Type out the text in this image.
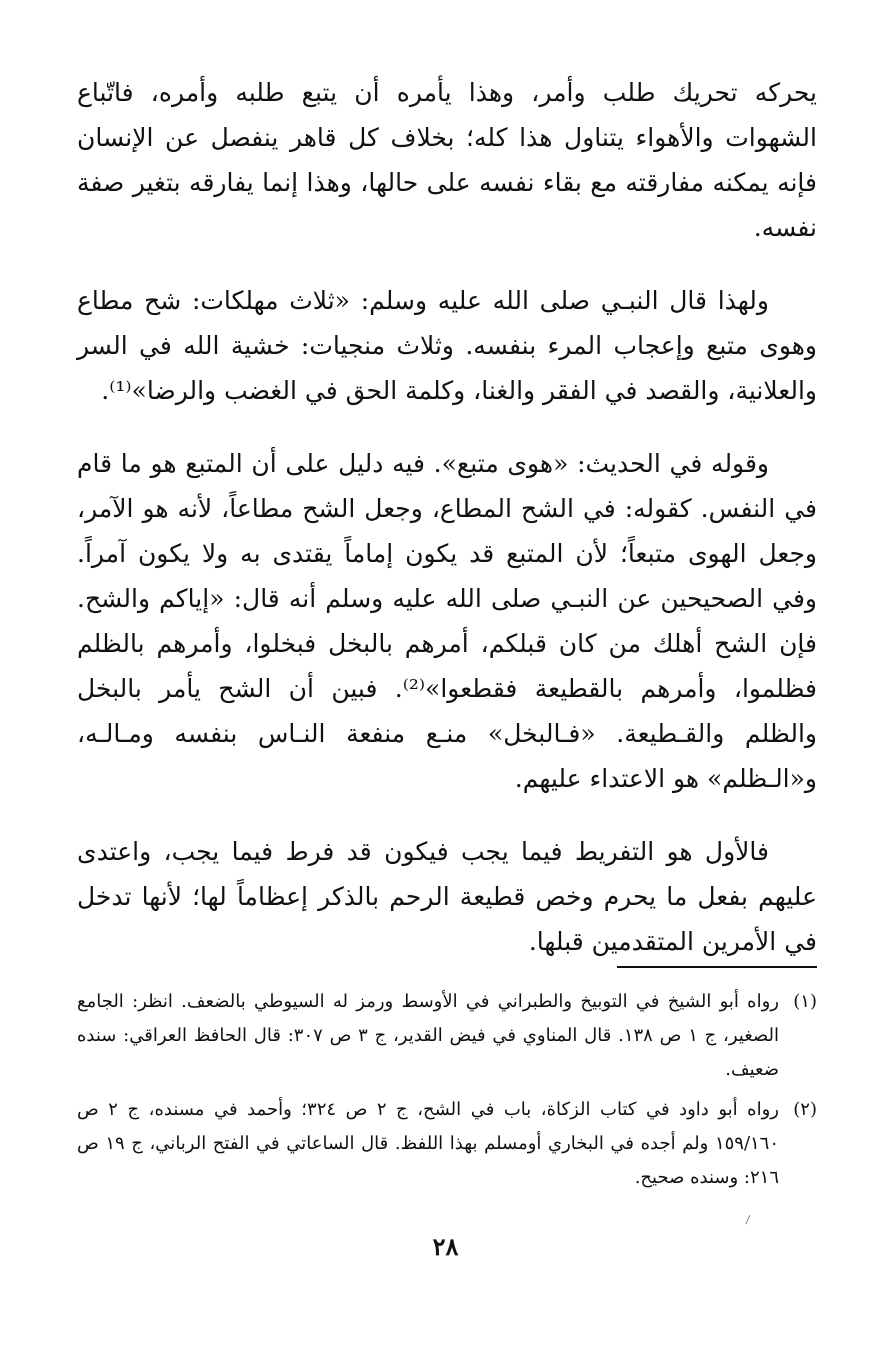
يحركه تحريك طلب وأمر، وهذا يأمره أن يتبع طلبه وأمره، فاتّباع الشهوات والأهواء يتناول هذا كله؛ بخلاف كل قاهر ينفصل عن الإنسان فإنه يمكنه مفارقته مع بقاء نفسه على حالها، وهذا إنما يفارقه بتغير صفة نفسه.

ولهذا قال النبـي صلى الله عليه وسلم: «ثلاث مهلكات: شح مطاع وهوى متبع وإعجاب المرء بنفسه. وثلاث منجيات: خشية الله في السر والعلانية، والقصد في الفقر والغنا، وكلمة الحق في الغضب والرضا»⁽¹⁾.

وقوله في الحديث: «هوى متبع». فيه دليل على أن المتبع هو ما قام في النفس. كقوله: في الشح المطاع، وجعل الشح مطاعاً، لأنه هو الآمر، وجعل الهوى متبعاً؛ لأن المتبع قد يكون إماماً يقتدى به ولا يكون آمراً. وفي الصحيحين عن النبـي صلى الله عليه وسلم أنه قال: «إياكم والشح. فإن الشح أهلك من كان قبلكم، أمرهم بالبخل فبخلوا، وأمرهم بالظلم فظلموا، وأمرهم بالقطيعة فقطعوا»⁽²⁾. فبين أن الشح يأمر بالبخل والظلم والقـطيعة. «فـالبخل» منـع منفعة النـاس بنفسه ومـالـه، و«الـظلم» هو الاعتداء عليهم.

فالأول هو التفريط فيما يجب فيكون قد فرط فيما يجب، واعتدى عليهم بفعل ما يحرم وخص قطيعة الرحم بالذكر إعظاماً لها؛ لأنها تدخل في الأمرين المتقدمين قبلها.

(١)
رواه أبو الشيخ في التوبيخ والطبراني في الأوسط ورمز له السيوطي بالضعف. انظر: الجامع الصغير، ج ١ ص ١٣٨. قال المناوي في فيض القدير، ج ٣ ص ٣٠٧: قال الحافظ العراقي: سنده ضعيف.
(٢)
رواه أبو داود في كتاب الزكاة، باب في الشح، ج ٢ ص ٣٢٤؛ وأحمد في مسنده، ج ٢ ص ١٥٩/١٦٠ ولم أجده في البخاري أومسلم بهذا اللفظ. قال الساعاتي في الفتح الرباني، ج ١٩ ص ٢١٦: وسنده صحيح.
٢٨
